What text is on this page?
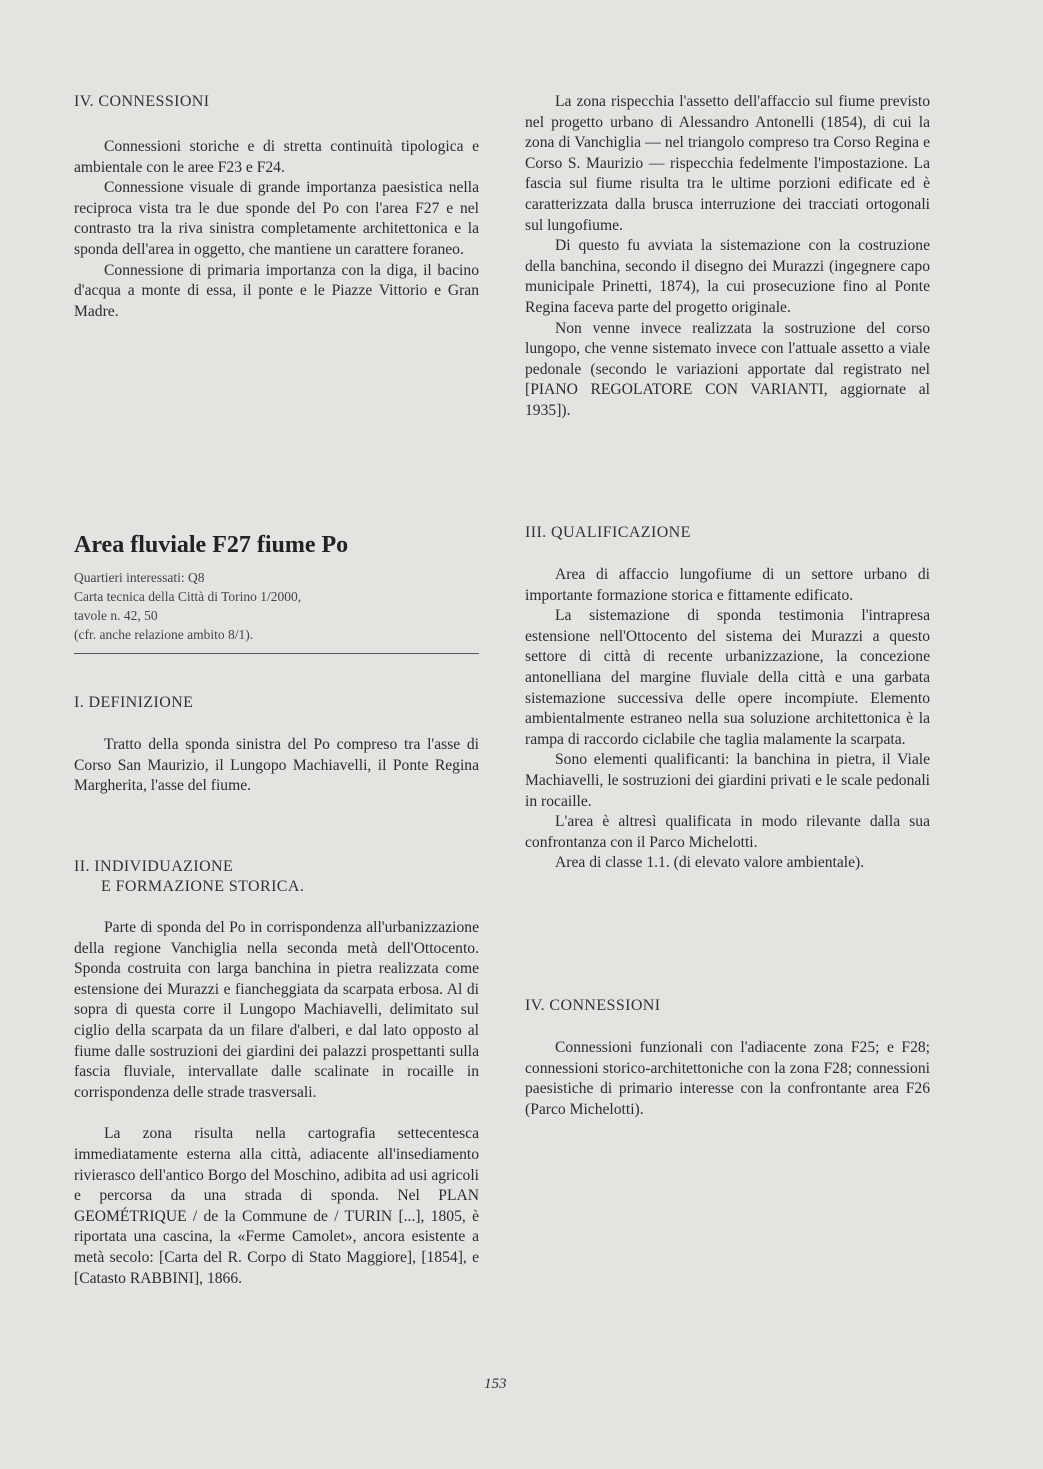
IV. CONNESSIONI

Connessioni storiche e di stretta continuità tipologica e ambientale con le aree F23 e F24.

Connessione visuale di grande importanza paesistica nella reciproca vista tra le due sponde del Po con l'area F27 e nel contrasto tra la riva sinistra completamente architettonica e la sponda dell'area in oggetto, che mantiene un carattere foraneo.

Connessione di primaria importanza con la diga, il bacino d'acqua a monte di essa, il ponte e le Piazze Vittorio e Gran Madre.

Area fluviale F27 fiume Po
Quartieri interessati: Q8
Carta tecnica della Città di Torino 1/2000,
tavole n. 42, 50
(cfr. anche relazione ambito 8/1).
I. DEFINIZIONE

Tratto della sponda sinistra del Po compreso tra l'asse di Corso San Maurizio, il Lungopo Machiavelli, il Ponte Regina Margherita, l'asse del fiume.

II. INDIVIDUAZIONE
E FORMAZIONE STORICA.

Parte di sponda del Po in corrispondenza all'urbanizzazione della regione Vanchiglia nella seconda metà dell'Ottocento. Sponda costruita con larga banchina in pietra realizzata come estensione dei Murazzi e fiancheggiata da scarpata erbosa. Al di sopra di questa corre il Lungopo Machiavelli, delimitato sul ciglio della scarpata da un filare d'alberi, e dal lato opposto al fiume dalle sostruzioni dei giardini dei palazzi prospettanti sulla fascia fluviale, intervallate dalle scalinate in rocaille in corrispondenza delle strade trasversali.

La zona risulta nella cartografia settecentesca immediatamente esterna alla città, adiacente all'insediamento rivierasco dell'antico Borgo del Moschino, adibita ad usi agricoli e percorsa da una strada di sponda. Nel PLAN GEOMÉTRIQUE / de la Commune de / TURIN [...], 1805, è riportata una cascina, la «Ferme Camolet», ancora esistente a metà secolo: [Carta del R. Corpo di Stato Maggiore], [1854], e [Catasto RABBINI], 1866.

La zona rispecchia l'assetto dell'affaccio sul fiume previsto nel progetto urbano di Alessandro Antonelli (1854), di cui la zona di Vanchiglia — nel triangolo compreso tra Corso Regina e Corso S. Maurizio — rispecchia fedelmente l'impostazione. La fascia sul fiume risulta tra le ultime porzioni edificate ed è caratterizzata dalla brusca interruzione dei tracciati ortogonali sul lungofiume.

Di questo fu avviata la sistemazione con la costruzione della banchina, secondo il disegno dei Murazzi (ingegnere capo municipale Prinetti, 1874), la cui prosecuzione fino al Ponte Regina faceva parte del progetto originale.

Non venne invece realizzata la sostruzione del corso lungopo, che venne sistemato invece con l'attuale assetto a viale pedonale (secondo le variazioni apportate dal registrato nel [PIANO REGOLATORE CON VARIANTI, aggiornate al 1935]).

III. QUALIFICAZIONE

Area di affaccio lungofiume di un settore urbano di importante formazione storica e fittamente edificato.

La sistemazione di sponda testimonia l'intrapresa estensione nell'Ottocento del sistema dei Murazzi a questo settore di città di recente urbanizzazione, la concezione antonelliana del margine fluviale della città e una garbata sistemazione successiva delle opere incompiute. Elemento ambientalmente estraneo nella sua soluzione architettonica è la rampa di raccordo ciclabile che taglia malamente la scarpata.

Sono elementi qualificanti: la banchina in pietra, il Viale Machiavelli, le sostruzioni dei giardini privati e le scale pedonali in rocaille.

L'area è altresì qualificata in modo rilevante dalla sua confrontanza con il Parco Michelotti.

Area di classe 1.1. (di elevato valore ambientale).

IV. CONNESSIONI

Connessioni funzionali con l'adiacente zona F25; e F28; connessioni storico-architettoniche con la zona F28; connessioni paesistiche di primario interesse con la confrontante area F26 (Parco Michelotti).

153
